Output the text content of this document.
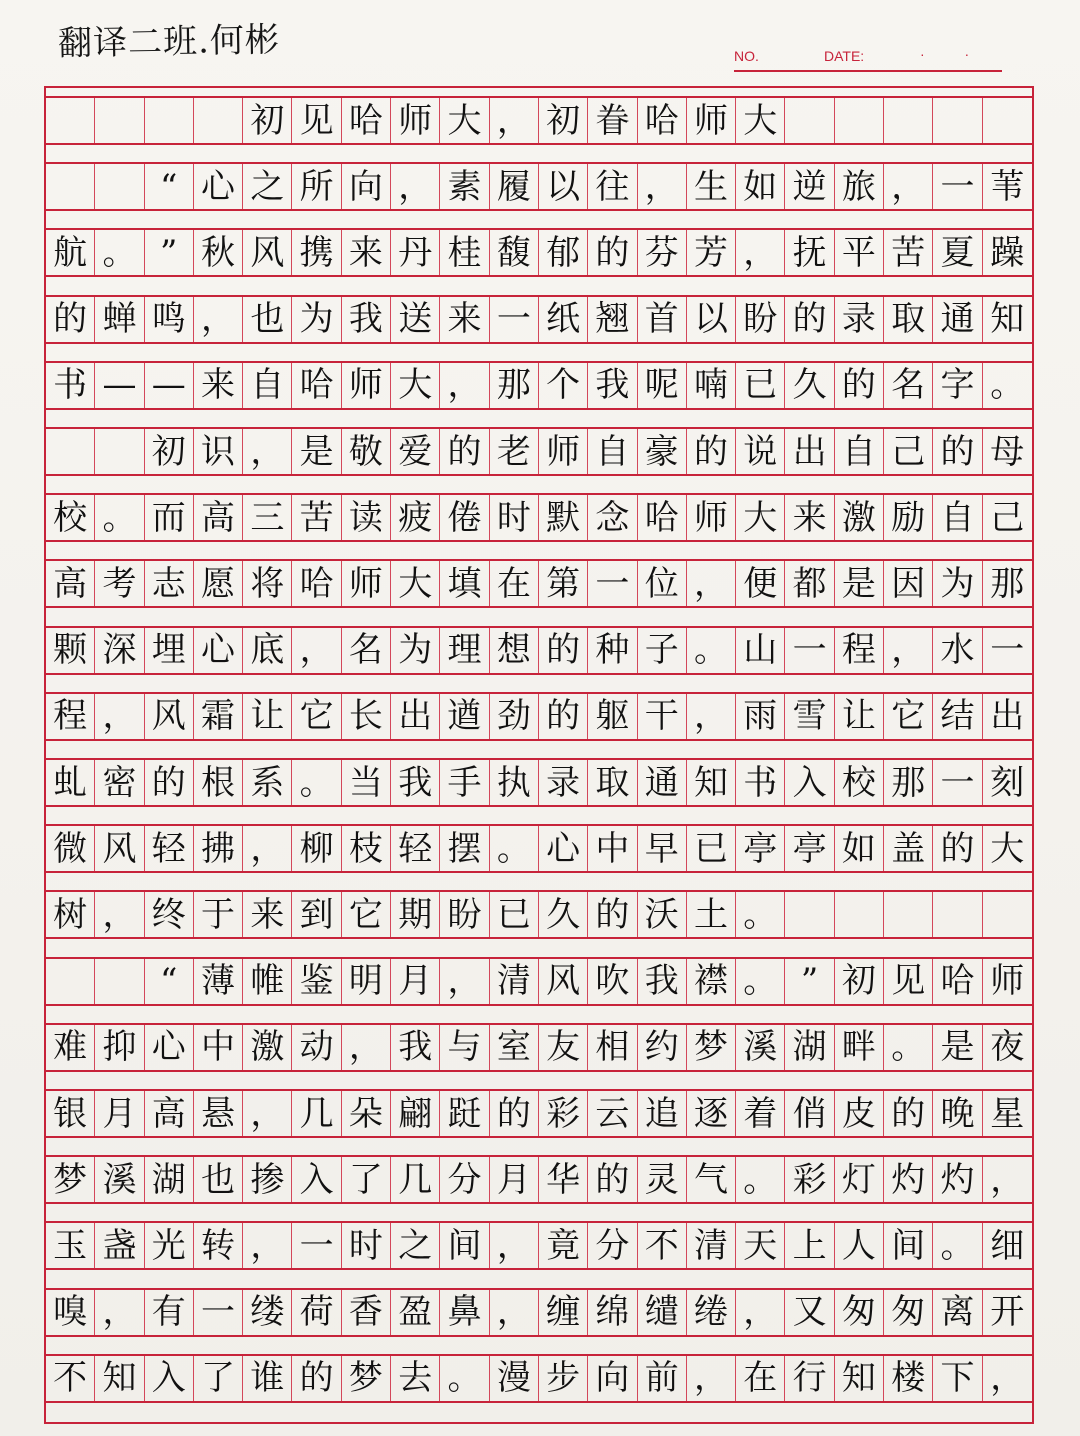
翻译二班.何彬	NO.	DATE:	· ·
初 见 哈 师 大 ， 初 眷 哈 师 大
“ 心 之 所 向 ， 素 履 以 往 ， 生 如 逆 旅 ， 一 苇
航 。 ” 秋 风 携 来 丹 桂 馥 郁 的 芬 芳 ， 抚 平 苦 夏 躁
的 蝉 鸣 ， 也 为 我 送 来 一 纸 翘 首 以 盼 的 录 取 通 知
书 — — 来 自 哈 师 大 ， 那 个 我 呢 喃 已 久 的 名 字 。
初 识 ， 是 敬 爱 的 老 师 自 豪 的 说 出 自 己 的 母
校 。 而 高 三 苦 读 疲 倦 时 默 念 哈 师 大 来 激 励 自 己
高 考 志 愿 将 哈 师 大 填 在 第 一 位 ， 便 都 是 因 为 那
颗 深 埋 心 底 ， 名 为 理 想 的 种 子 。 山 一 程 ， 水 一
程 ， 风 霜 让 它 长 出 遒 劲 的 躯 干 ， 雨 雪 让 它 结 出
虬 密 的 根 系 。 当 我 手 执 录 取 通 知 书 入 校 那 一 刻
微 风 轻 拂 ， 柳 枝 轻 摆 。 心 中 早 已 亭 亭 如 盖 的 大
树 ， 终 于 来 到 它 期 盼 已 久 的 沃 土 。
“ 薄 帷 鉴 明 月 ， 清 风 吹 我 襟 。 ” 初 见 哈 师
难 抑 心 中 激 动 ， 我 与 室 友 相 约 梦 溪 湖 畔 。 是 夜
银 月 高 悬 ， 几 朵 翩 跹 的 彩 云 追 逐 着 俏 皮 的 晚 星
梦 溪 湖 也 掺 入 了 几 分 月 华 的 灵 气 。 彩 灯 灼 灼 ，
玉 盏 光 转 ， 一 时 之 间 ， 竟 分 不 清 天 上 人 间 。 细
嗅 ， 有 一 缕 荷 香 盈 鼻 ， 缠 绵 缱 绻 ， 又 匆 匆 离 开
不 知 入 了 谁 的 梦 去 。 漫 步 向 前 ， 在 行 知 楼 下 ，
